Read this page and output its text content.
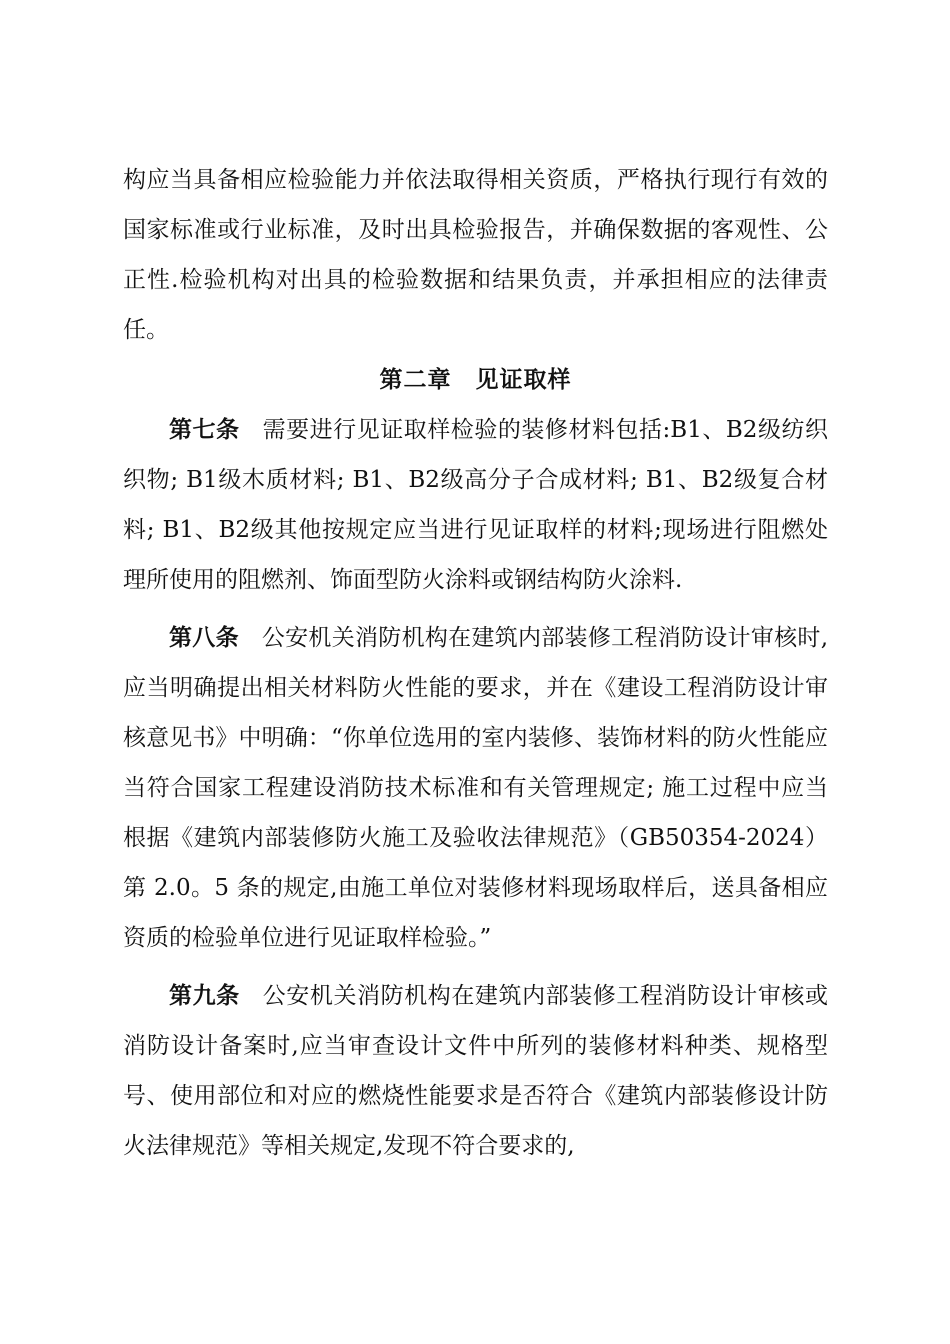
构应当具备相应检验能力并依法取得相关资质，严格执行现行有效的国家标准或行业标准，及时出具检验报告，并确保数据的客观性、公正性.检验机构对出具的检验数据和结果负责，并承担相应的法律责任。

第二章　见证取样

第七条 需要进行见证取样检验的装修材料包括:B1、B2级纺织织物; B1级木质材料; B1、B2级高分子合成材料; B1、B2级复合材料; B1、B2级其他按规定应当进行见证取样的材料;现场进行阻燃处理所使用的阻燃剂、饰面型防火涂料或钢结构防火涂料.

第八条 公安机关消防机构在建筑内部装修工程消防设计审核时,应当明确提出相关材料防火性能的要求，并在《建设工程消防设计审核意见书》中明确：“你单位选用的室内装修、装饰材料的防火性能应当符合国家工程建设消防技术标准和有关管理规定; 施工过程中应当根据《建筑内部装修防火施工及验收法律规范》（GB50354-2024）第 2.0。5 条的规定,由施工单位对装修材料现场取样后，送具备相应资质的检验单位进行见证取样检验。”

第九条 公安机关消防机构在建筑内部装修工程消防设计审核或消防设计备案时,应当审查设计文件中所列的装修材料种类、规格型号、使用部位和对应的燃烧性能要求是否符合《建筑内部装修设计防火法律规范》等相关规定,发现不符合要求的,
